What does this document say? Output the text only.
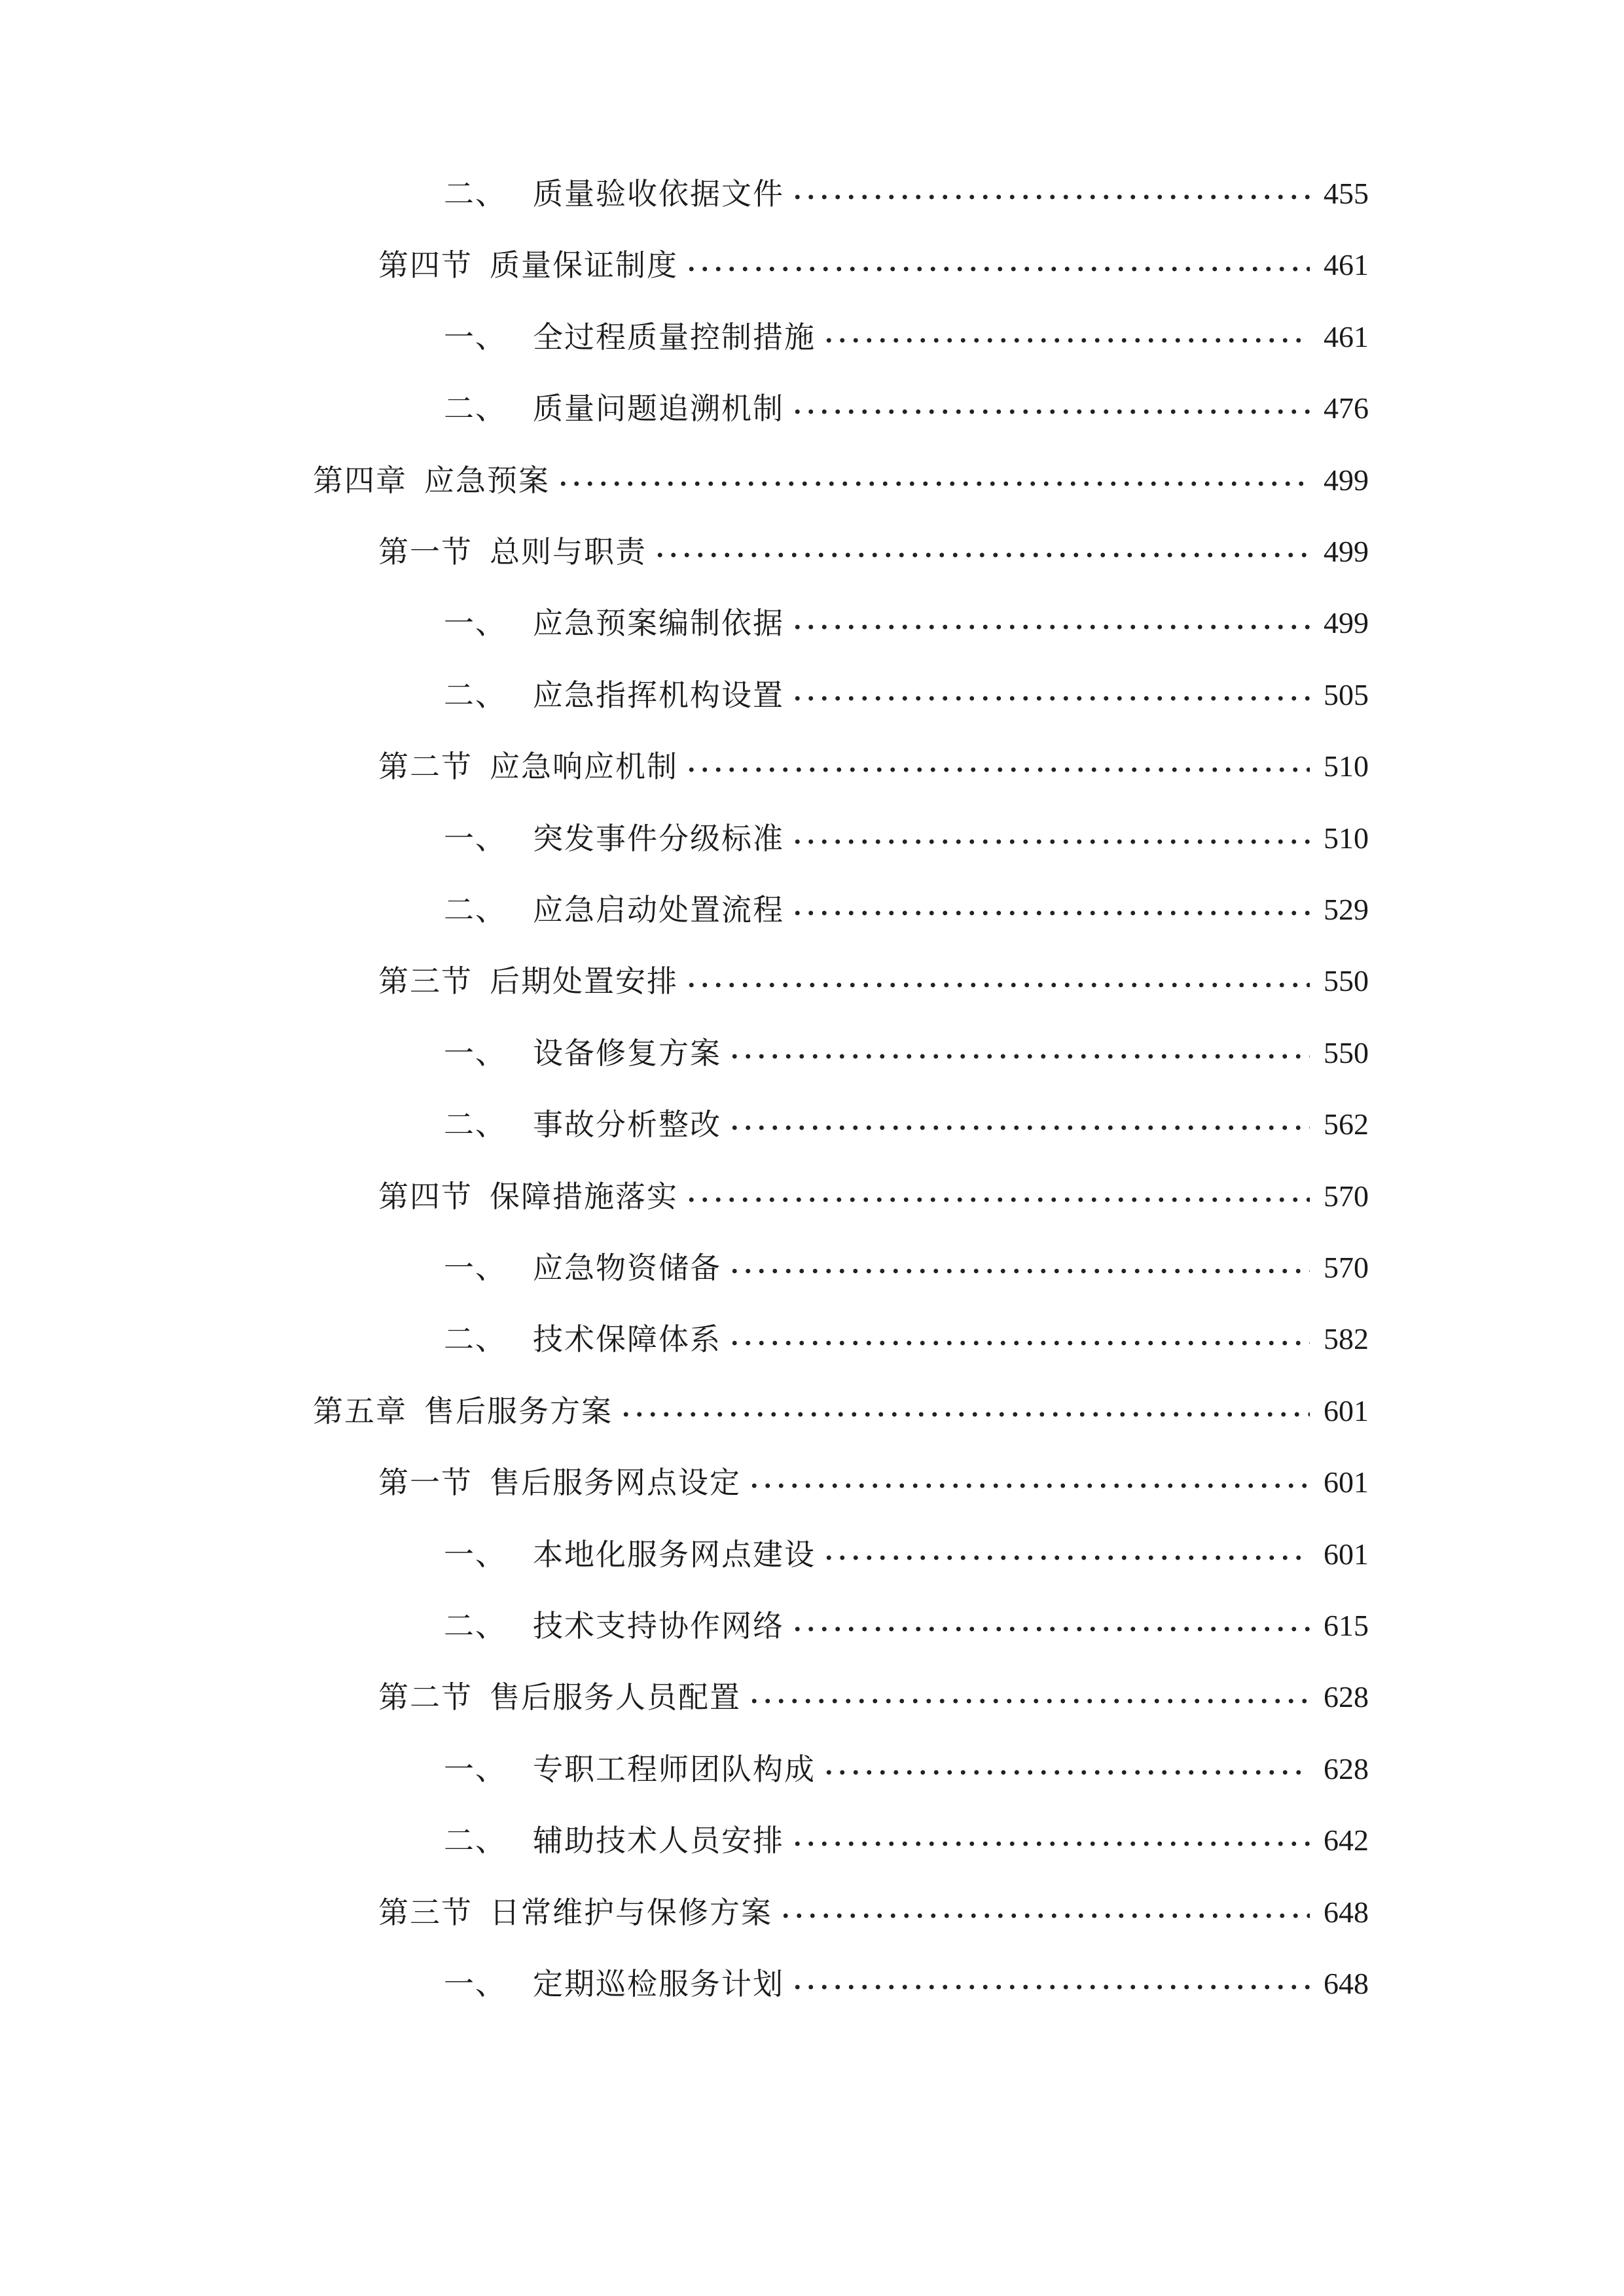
二、 质量验收依据文件	455
第四节 质量保证制度	461
一、 全过程质量控制措施	461
二、 质量问题追溯机制	476
第四章 应急预案	499
第一节 总则与职责	499
一、 应急预案编制依据	499
二、 应急指挥机构设置	505
第二节 应急响应机制	510
一、 突发事件分级标准	510
二、 应急启动处置流程	529
第三节 后期处置安排	550
一、 设备修复方案	550
二、 事故分析整改	562
第四节 保障措施落实	570
一、 应急物资储备	570
二、 技术保障体系	582
第五章 售后服务方案	601
第一节 售后服务网点设定	601
一、 本地化服务网点建设	601
二、 技术支持协作网络	615
第二节 售后服务人员配置	628
一、 专职工程师团队构成	628
二、 辅助技术人员安排	642
第三节 日常维护与保修方案	648
一、 定期巡检服务计划	648
